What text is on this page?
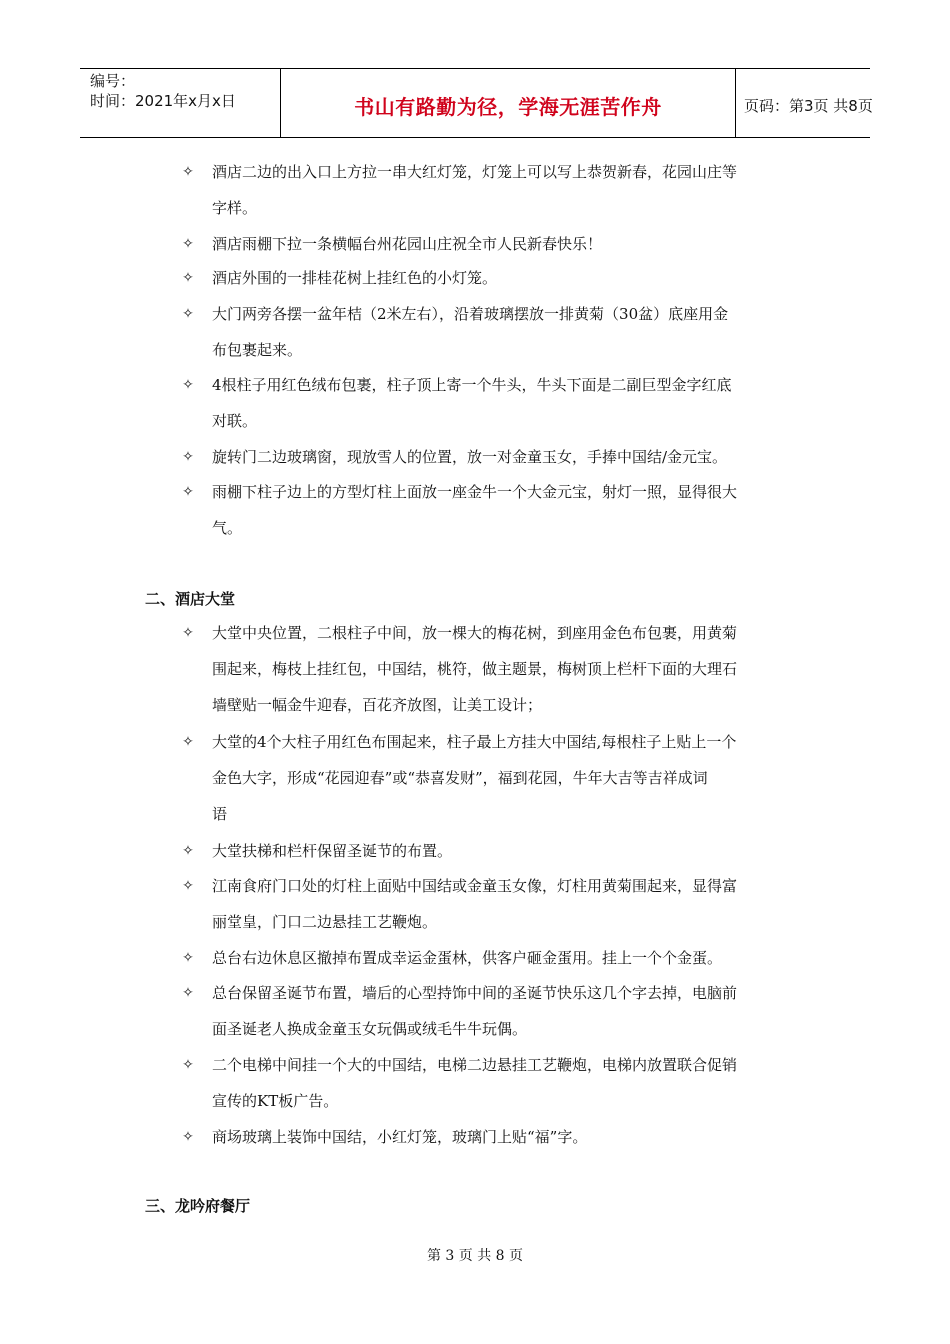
编号：
时间：2021年x月x日	书山有路勤为径，学海无涯苦作舟	页码：第3页 共8页
✧ 酒店二边的出入口上方拉一串大红灯笼，灯笼上可以写上恭贺新春，花园山庄等
字样。
✧ 酒店雨棚下拉一条横幅台州花园山庄祝全市人民新春快乐！
✧ 酒店外围的一排桂花树上挂红色的小灯笼。
✧ 大门两旁各摆一盆年桔（2米左右），沿着玻璃摆放一排黄菊（30盆）底座用金
布包裹起来。
✧ 4根柱子用红色绒布包裹，柱子顶上寄一个牛头，牛头下面是二副巨型金字红底
对联。
✧ 旋转门二边玻璃窗，现放雪人的位置，放一对金童玉女，手捧中国结/金元宝。
✧ 雨棚下柱子边上的方型灯柱上面放一座金牛一个大金元宝，射灯一照，显得很大
气。
二、酒店大堂
✧ 大堂中央位置，二根柱子中间，放一棵大的梅花树，到座用金色布包裹，用黄菊
围起来，梅枝上挂红包，中国结，桃符，做主题景，梅树顶上栏杆下面的大理石
墙壁贴一幅金牛迎春，百花齐放图，让美工设计；
✧ 大堂的4个大柱子用红色布围起来，柱子最上方挂大中国结,每根柱子上贴上一个
金色大字，形成“花园迎春”或“恭喜发财”，福到花园，牛年大吉等吉祥成词
语
✧ 大堂扶梯和栏杆保留圣诞节的布置。
✧ 江南食府门口处的灯柱上面贴中国结或金童玉女像，灯柱用黄菊围起来，显得富
丽堂皇，门口二边悬挂工艺鞭炮。
✧ 总台右边休息区撤掉布置成幸运金蛋林，供客户砸金蛋用。挂上一个个金蛋。
✧ 总台保留圣诞节布置，墙后的心型持饰中间的圣诞节快乐这几个字去掉，电脑前
面圣诞老人换成金童玉女玩偶或绒毛牛牛玩偶。
✧ 二个电梯中间挂一个大的中国结，电梯二边悬挂工艺鞭炮，电梯内放置联合促销
宣传的KT板广告。
✧ 商场玻璃上装饰中国结，小红灯笼，玻璃门上贴“福”字。
三、龙吟府餐厅
第 3 页 共 8 页
